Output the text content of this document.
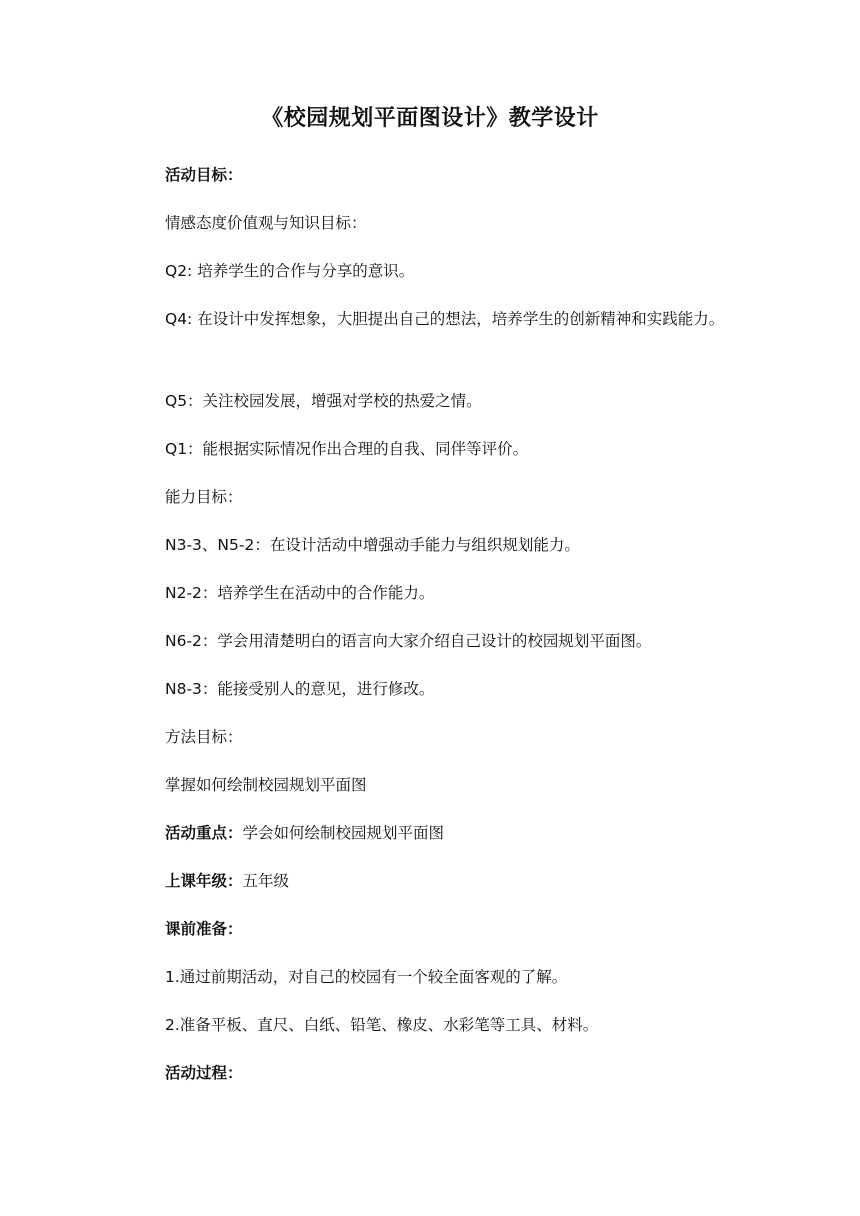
《校园规划平面图设计》教学设计
活动目标：
情感态度价值观与知识目标：
Q2: 培养学生的合作与分享的意识。
Q4: 在设计中发挥想象，大胆提出自己的想法，培养学生的创新精神和实践能力。
Q5：关注校园发展，增强对学校的热爱之情。
Q1：能根据实际情况作出合理的自我、同伴等评价。
能力目标：
N3-3、N5-2：在设计活动中增强动手能力与组织规划能力。
N2-2：培养学生在活动中的合作能力。
N6-2：学会用清楚明白的语言向大家介绍自己设计的校园规划平面图。
N8-3：能接受别人的意见，进行修改。
方法目标：
掌握如何绘制校园规划平面图
活动重点：学会如何绘制校园规划平面图
上课年级：五年级
课前准备：
1.通过前期活动，对自己的校园有一个较全面客观的了解。
2.准备平板、直尺、白纸、铅笔、橡皮、水彩笔等工具、材料。
活动过程：
